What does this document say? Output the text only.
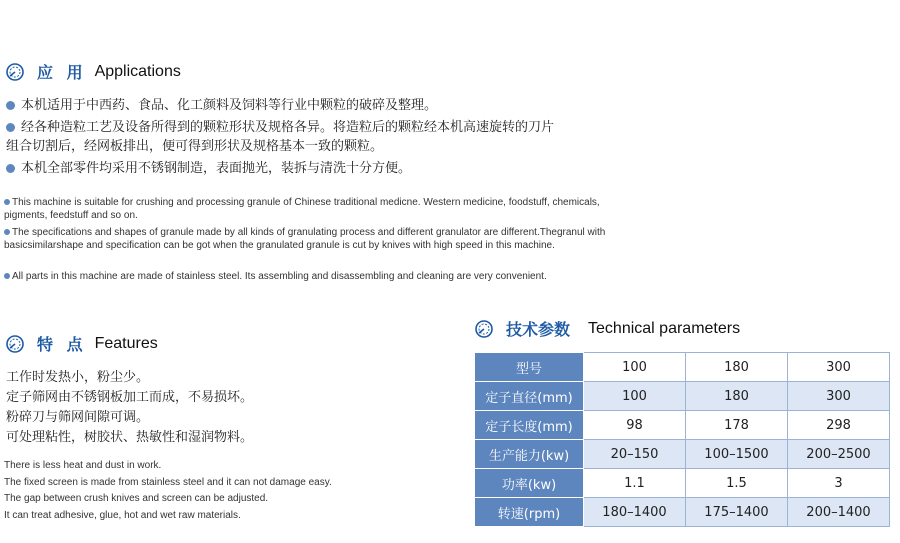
应 用 Applications
本机适用于中西药、食品、化工颜料及饲料等行业中颗粒的破碎及整理。
经各种造粒工艺及设备所得到的颗粒形状及规格各异。将造粒后的颗粒经本机高速旋转的刀片
组合切割后，经网板排出，便可得到形状及规格基本一致的颗粒。
本机全部零件均采用不锈钢制造，表面抛光，装拆与清洗十分方便。
This machine is suitable for crushing and processing granule of Chinese traditional medicne. Western medicine, foodstuff, chemicals, pigments, feedstuff and so on.
The specifications and shapes of granule made by all kinds of granulating process and different granulator are different.Thegranul with basicsimilarshape and specification can be got when the granulated granule is cut by knives with high speed in this machine.
All parts in this machine are made of stainless steel. Its assembling and disassembling and cleaning are very convenient.
特 点 Features
工作时发热小，粉尘少。
定子筛网由不锈钢板加工而成，不易损坏。
粉碎刀与筛网间隙可调。
可处理粘性，树胶状、热敏性和湿润物料。
There is less heat and dust in work.
The fixed screen is made from stainless steel and it can not damage easy.
The gap between crush knives and screen can be adjusted.
It can treat adhesive, glue, hot and wet raw materials.
技术参数 Technical parameters
型号	100	180	300
定子直径(mm)	100	180	300
定子长度(mm)	98	178	298
生产能力(kw)	20–150	100–1500	200–2500
功率(kw)	1.1	1.5	3
转速(rpm)	180–1400	175–1400	200–1400
